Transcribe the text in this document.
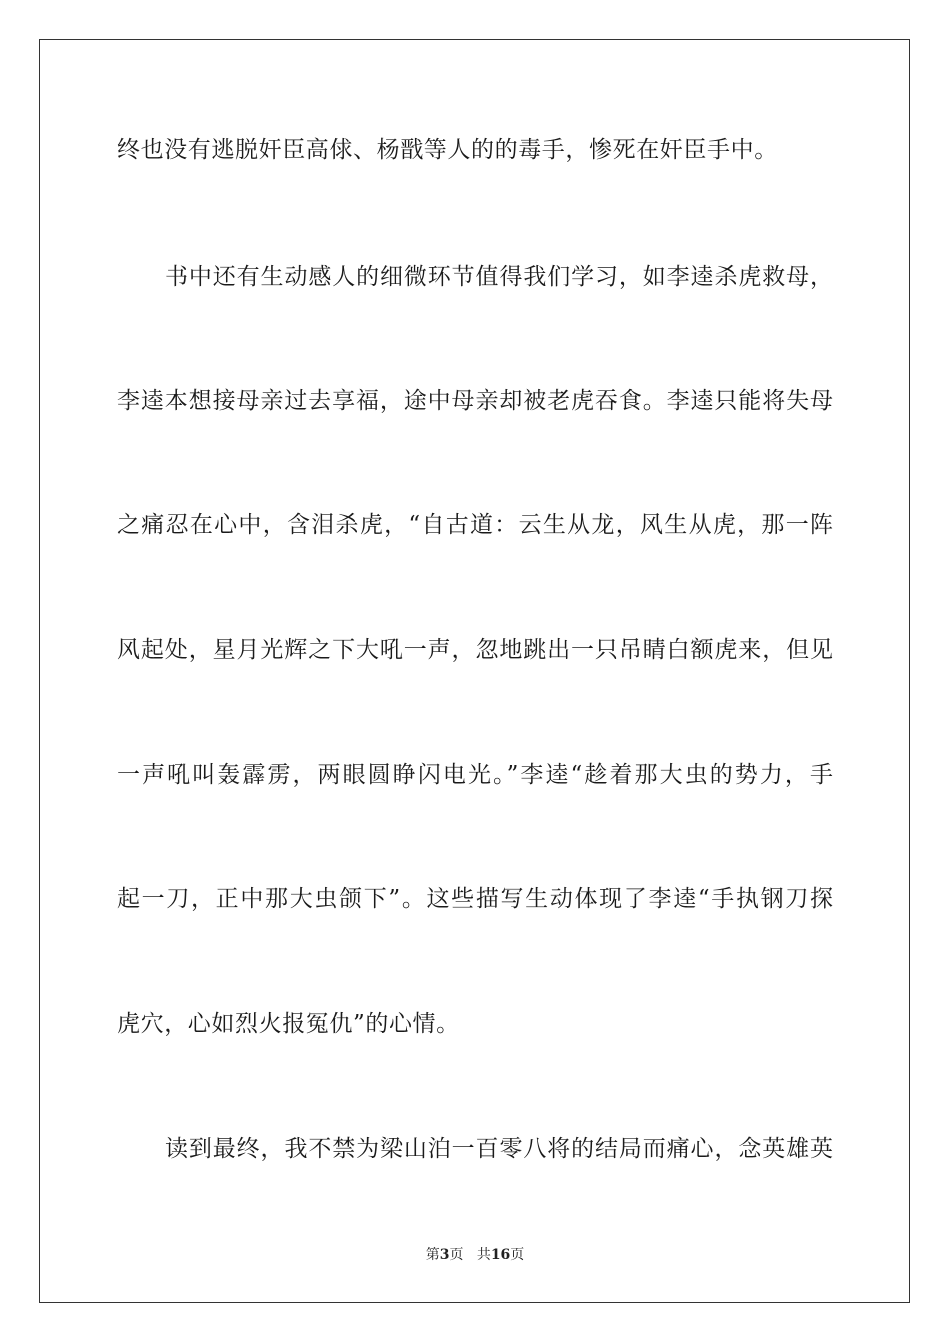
终也没有逃脱奸臣高俅、杨戬等人的的毒手，惨死在奸臣手中。
书中还有生动感人的细微环节值得我们学习，如李逵杀虎救母，
李逵本想接母亲过去享福，途中母亲却被老虎吞食。李逵只能将失母
之痛忍在心中，含泪杀虎，“自古道：云生从龙，风生从虎，那一阵
风起处，星月光辉之下大吼一声，忽地跳出一只吊睛白额虎来，但见
一声吼叫轰霹雳，两眼圆睁闪电光。”李逵“趁着那大虫的势力，手
起一刀，正中那大虫颌下”。这些描写生动体现了李逵“手执钢刀探
虎穴，心如烈火报冤仇”的心情。
读到最终，我不禁为梁山泊一百零八将的结局而痛心，念英雄英
第3页 共16页
